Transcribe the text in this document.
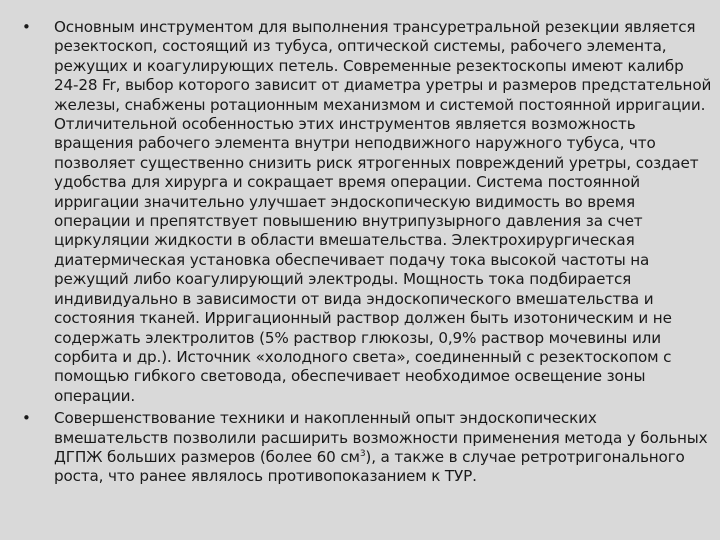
• Основным инструментом для выполнения трансуретральной резекции является резектоскоп, состоящий из тубуса, оптической системы, рабочего элемента, режущих и коагулирующих петель. Современные резектоскопы имеют калибр 24-28 Fr, выбор которого зависит от диаметра уретры и размеров предстательной железы, снабжены ротационным механизмом и системой постоянной ирригации. Отличительной особенностью этих инструментов является возможность вращения рабочего элемента внутри неподвижного наружного тубуса, что позволяет существенно снизить риск ятрогенных повреждений уретры, создает удобства для хирурга и сокращает время операции. Система постоянной ирригации значительно улучшает эндоскопическую видимость во время операции и препятствует повышению внутрипузырного давления за счет циркуляции жидкости в области вмешательства. Электрохирургическая диатермическая установка обеспечивает подачу тока высокой частоты на режущий либо коагулирующий электроды. Мощность тока подбирается индивидуально в зависимости от вида эндоскопического вмешательства и состояния тканей. Ирригационный раствор должен быть изотоническим и не содержать электролитов (5% раствор глюкозы, 0,9% раствор мочевины или сорбита и др.). Источник «холодного света», соединенный с резектоскопом с помощью гибкого световода, обеспечивает необходимое освещение зоны операции.
• Совершенствование техники и накопленный опыт эндоскопических вмешательств позволили расширить возможности применения метода у больных ДГПЖ больших размеров (более 60 $см^3$), а также в случае ретротригонального роста, что ранее являлось противопоказанием к ТУР.
